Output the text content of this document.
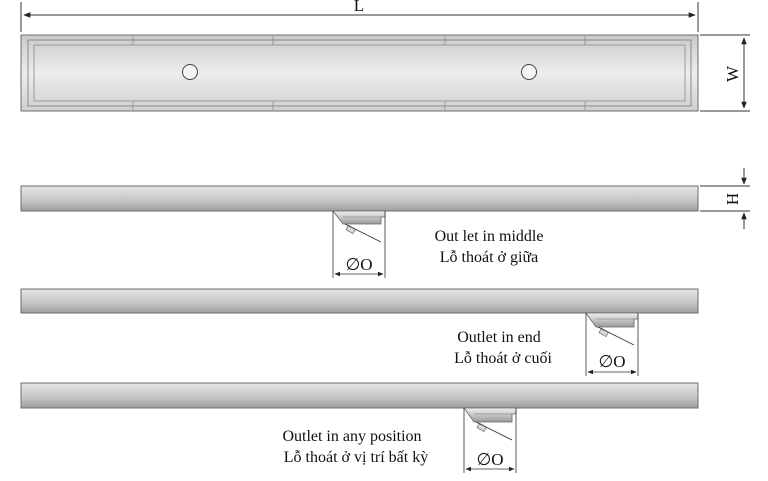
L
W
H
∅O
Out let in middle
Lỗ thoát ở giữa
∅O
Outlet in end
Lỗ thoát ở cuối
∅O
Outlet in any position
Lỗ thoát ở vị trí bất kỳ
